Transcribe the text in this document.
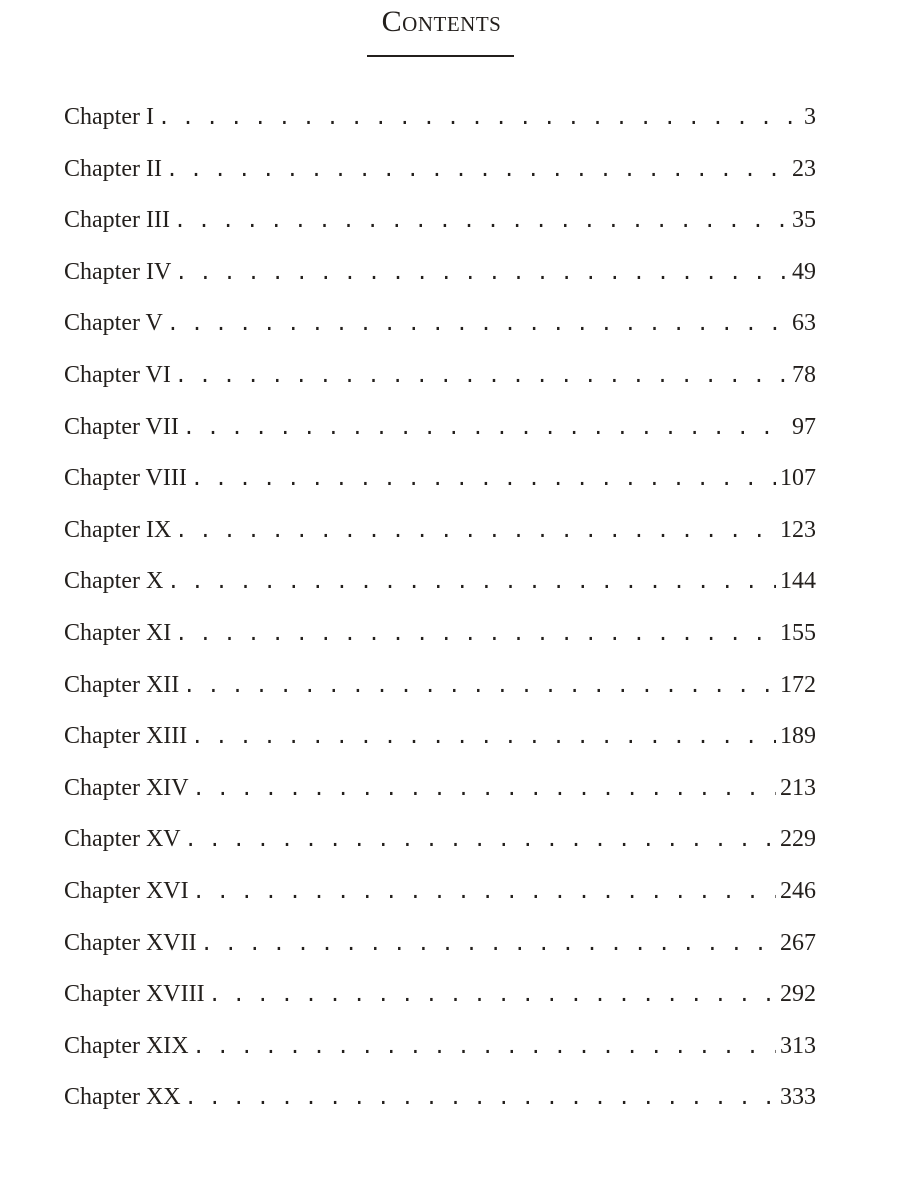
Contents
Chapter I . . .	3
Chapter II . . .	23
Chapter III . . .	35
Chapter IV . . .	49
Chapter V . . .	63
Chapter VI . . .	78
Chapter VII . . .	97
Chapter VIII . . .	107
Chapter IX . . .	123
Chapter X . . .	144
Chapter XI . . .	155
Chapter XII . . .	172
Chapter XIII . . .	189
Chapter XIV . . .	213
Chapter XV . . .	229
Chapter XVI . . .	246
Chapter XVII . . .	267
Chapter XVIII . . .	292
Chapter XIX . . .	313
Chapter XX . . .	333
